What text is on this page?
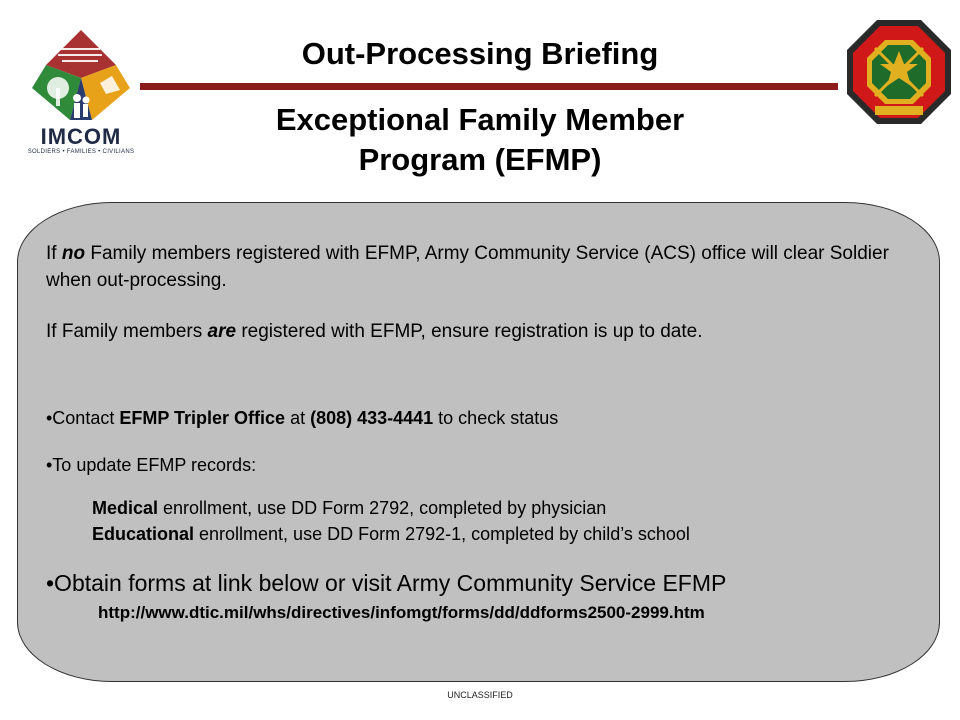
IMCOM
SOLDIERS • FAMILIES • CIVILIANS
Out-Processing Briefing
Exceptional Family Member
Program (EFMP)

If no Family members registered with EFMP, Army Community Service (ACS) office will clear Soldier when out-processing.

If Family members are registered with EFMP, ensure registration is up to date.

•Contact EFMP Tripler Office at (808) 433-4441 to check status

•To update EFMP records:

Medical enrollment, use DD Form 2792, completed by physician

Educational enrollment, use DD Form 2792-1, completed by child’s school

•Obtain forms at link below or visit Army Community Service EFMP

http://www.dtic.mil/whs/directives/infomgt/forms/dd/ddforms2500-2999.htm

UNCLASSIFIED
